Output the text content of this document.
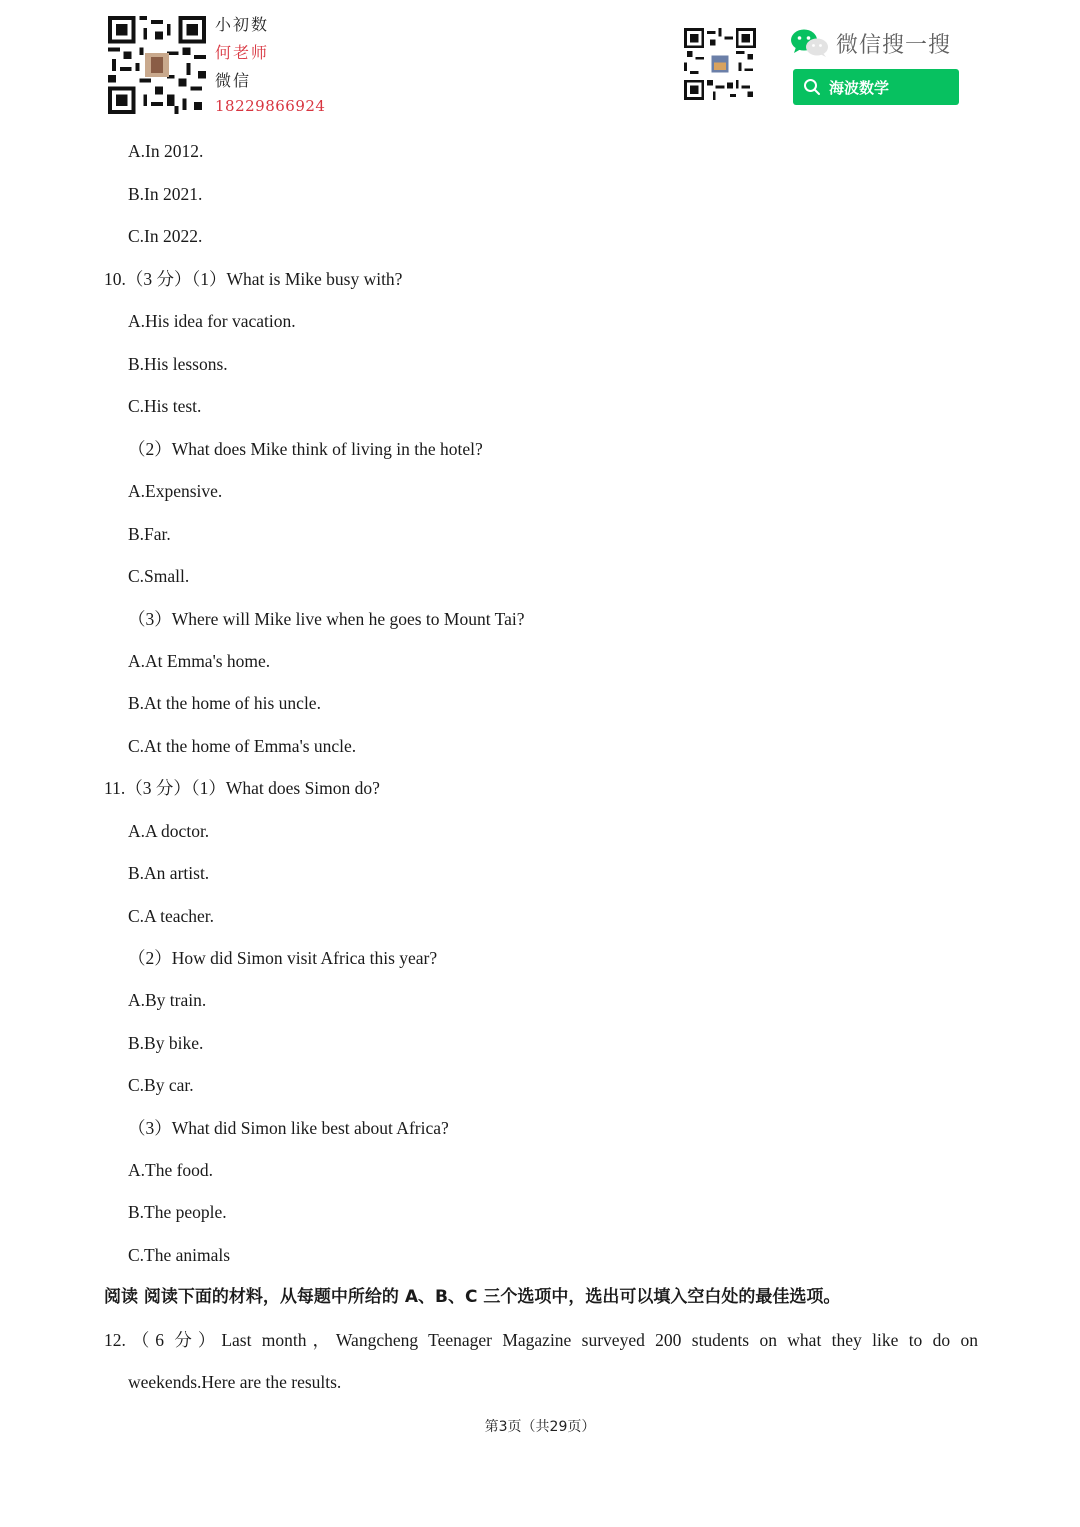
小初数
何老师
微信
18229866924
微信搜一搜
海波数学
A.In 2012.
B.In 2021.
C.In 2022.
10.（3 分）（1）What is Mike busy with?
A.His idea for vacation.
B.His lessons.
C.His test.
（2）What does Mike think of living in the hotel?
A.Expensive.
B.Far.
C.Small.
（3）Where will Mike live when he goes to Mount Tai?
A.At Emma's home.
B.At the home of his uncle.
C.At the home of Emma's uncle.
11.（3 分）（1）What does Simon do?
A.A doctor.
B.An artist.
C.A teacher.
（2）How did Simon visit Africa this year?
A.By train.
B.By bike.
C.By car.
（3）What did Simon like best about Africa?
A.The food.
B.The people.
C.The animals
阅读 阅读下面的材料，从每题中所给的 A、B、C 三个选项中，选出可以填入空白处的最佳选项。
12.（6 分）Last month，Wangcheng Teenager Magazine surveyed 200 students on what they like to do on
weekends.Here are the results.
第3页（共29页）
